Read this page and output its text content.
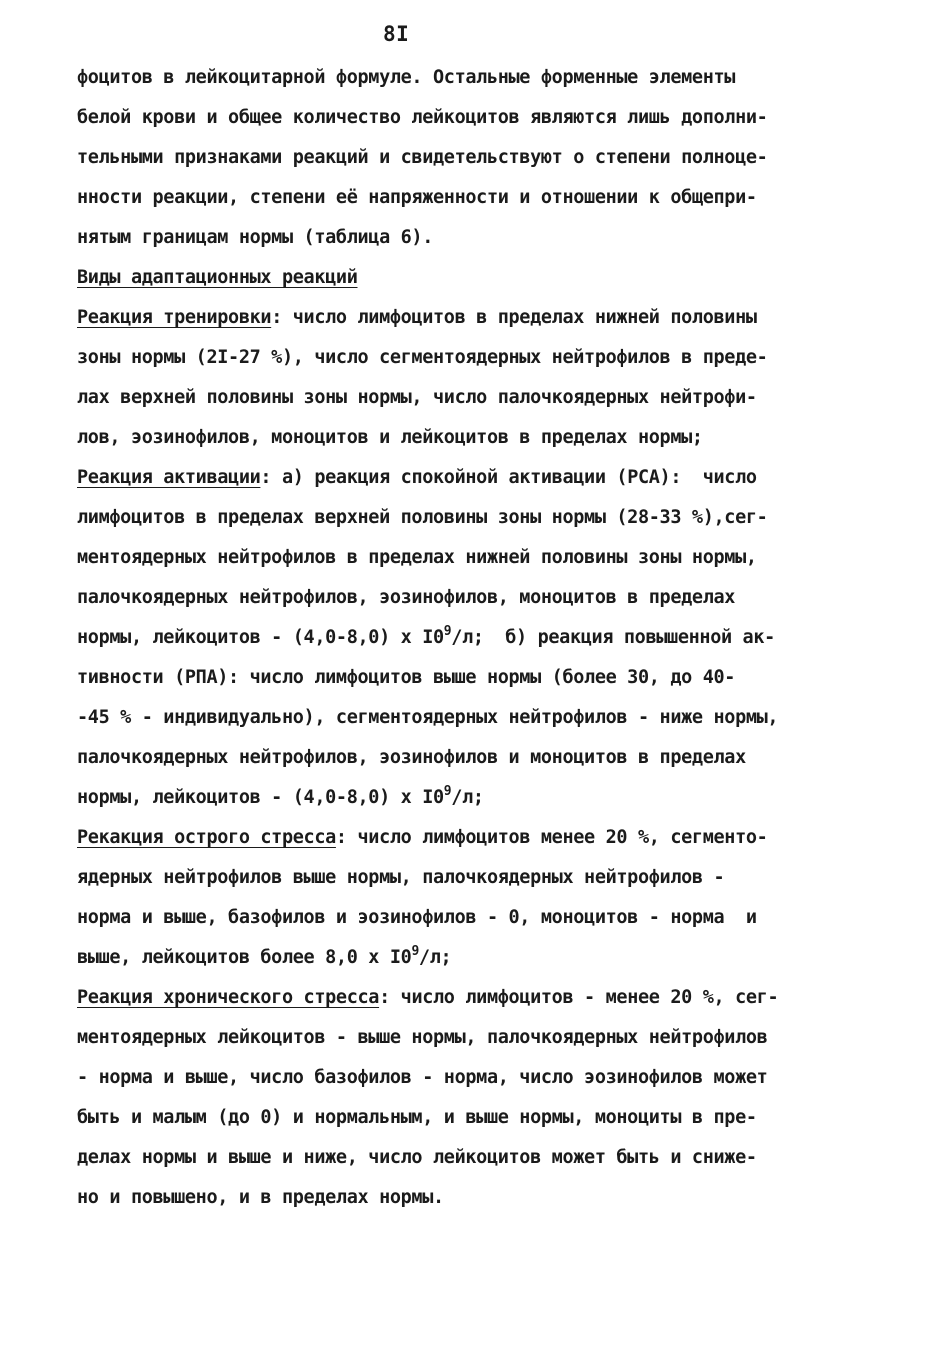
8I
фоцитов в лейкоцитарной формуле. Остальные форменные элементы
белой крови и общее количество лейкоцитов являются лишь дополни-
тельными признаками реакций и свидетельствуют о степени полноце-
нности реакции, степени её напряженности и отношении к общепри-
нятым границам нормы (таблица 6).
Виды адаптационных реакций
Реакция тренировки: число лимфоцитов в пределах нижней половины
зоны нормы (2I-27 %), число сегментоядерных нейтрофилов в преде-
лах верхней половины зоны нормы, число палочкоядерных нейтрофи-
лов, эозинофилов, моноцитов и лейкоцитов в пределах нормы;
Реакция активации: а) реакция спокойной активации (РСА):  число
лимфоцитов в пределах верхней половины зоны нормы (28-33 %),сег-
ментоядерных нейтрофилов в пределах нижней половины зоны нормы,
палочкоядерных нейтрофилов, эозинофилов, моноцитов в пределах
нормы, лейкоцитов - (4,0-8,0) x $I0^9/л$;  б) реакция повышенной ак-
тивности (РПА): число лимфоцитов выше нормы (более 30, до 40-
-45 % - индивидуально), сегментоядерных нейтрофилов - ниже нормы,
палочкоядерных нейтрофилов, эозинофилов и моноцитов в пределах
нормы, лейкоцитов - (4,0-8,0) x $I0^9/л$;
Рекакция острого стресса: число лимфоцитов менее 20 %, сегменто-
ядерных нейтрофилов выше нормы, палочкоядерных нейтрофилов -
норма и выше, базофилов и эозинофилов - 0, моноцитов - норма  и
выше, лейкоцитов более 8,0 x $I0^9/л$;
Реакция хронического стресса: число лимфоцитов - менее 20 %, сег-
ментоядерных лейкоцитов - выше нормы, палочкоядерных нейтрофилов
- норма и выше, число базофилов - норма, число эозинофилов может
быть и малым (до 0) и нормальным, и выше нормы, моноциты в пре-
делах нормы и выше и ниже, число лейкоцитов может быть и сниже-
но и повышено, и в пределах нормы.
